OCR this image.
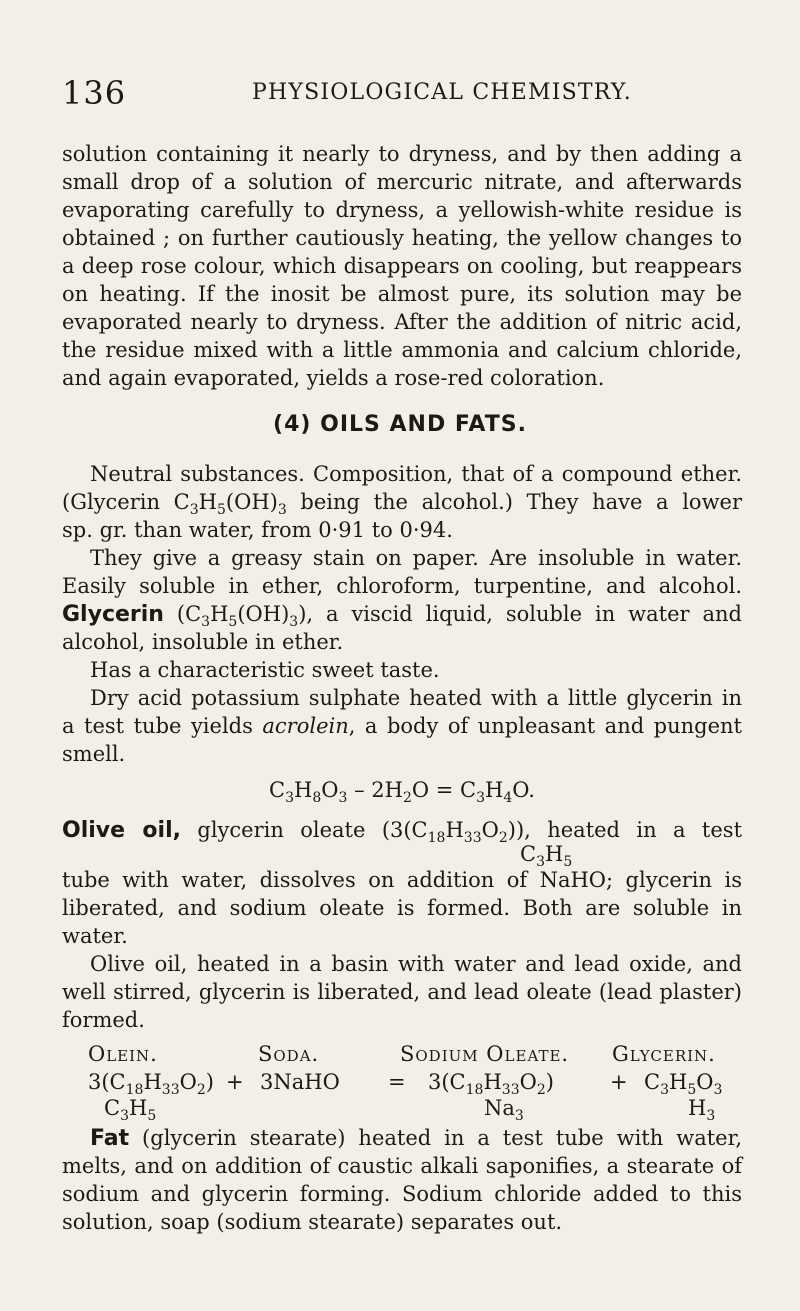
136	PHYSIOLOGICAL CHEMISTRY.
solution containing it nearly to dryness, and by then adding a
small drop of a solution of mercuric nitrate, and afterwards
evaporating carefully to dryness, a yellowish-white residue is
obtained ; on further cautiously heating, the yellow changes to
a deep rose colour, which disappears on cooling, but reappears
on heating. If the inosit be almost pure, its solution may be
evaporated nearly to dryness. After the addition of nitric acid,
the residue mixed with a little ammonia and calcium chloride,
and again evaporated, yields a rose-red coloration.
(4) OILS AND FATS.
Neutral substances. Composition, that of a compound ether.
(Glycerin $C_3H_5(OH)_3$ being the alcohol.) They have a lower
sp. gr. than water, from 0·91 to 0·94.
They give a greasy stain on paper. Are insoluble in water.
Easily soluble in ether, chloroform, turpentine, and alcohol.
Glycerin $(C_3H_5(OH)_3)$, a viscid liquid, soluble in water and
alcohol, insoluble in ether.
Has a characteristic sweet taste.
Dry acid potassium sulphate heated with a little glycerin in
a test tube yields acrolein, a body of unpleasant and pungent
smell.
$C_3H_8O_3 - 2H_2O = C_3H_4O$.
Olive oil, glycerin oleate $(3(C_{18}H_{33}O_2))$, heated in a test
$C_3H_5$
tube with water, dissolves on addition of NaHO; glycerin is
liberated, and sodium oleate is formed. Both are soluble in
water.
Olive oil, heated in a basin with water and lead oxide, and
well stirred, glycerin is liberated, and lead oleate (lead plaster)
formed.
Olein.	Soda.	Sodium Oleate. Glycerin.
$3(C_{18}H_{33}O_2)$ + 3NaHO = $3(C_{18}H_{33}O_2)$	+ $C_3H_5O_3$
$C_3H_5$	$Na_3$	$H_3$
Fat (glycerin stearate) heated in a test tube with water,
melts, and on addition of caustic alkali saponifies, a stearate of
sodium and glycerin forming. Sodium chloride added to this
solution, soap (sodium stearate) separates out.
